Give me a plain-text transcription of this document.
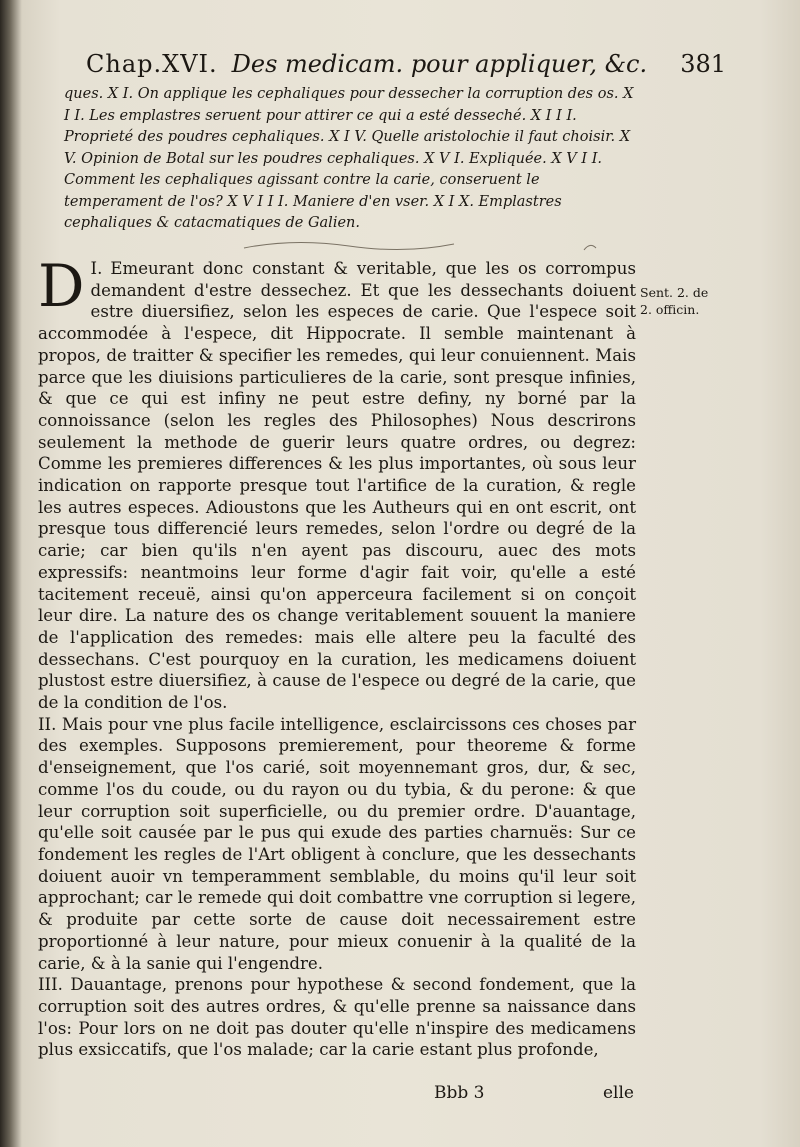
Chap.XVI. Des medicam. pour appliquer, &c. 381

ques. X I. On applique les cephaliques pour dessecher la corruption des os. X I I. Les emplastres seruent pour attirer ce qui a esté desseché. X I I I. Proprieté des poudres cephaliques. X I V. Quelle aristolochie il faut choisir. X V. Opinion de Botal sur les poudres cephaliques. X V I. Expliquée. X V I I. Comment les cephaliques agissant contre la carie, conseruent le temperament de l'os? X V I I I. Maniere d'en vser. X I X. Emplastres cephaliques & catacmatiques de Galien.

I.
D Emeurant donc constant & veritable, que les os corrompus demandent d'estre dessechez. Et que les dessechants doiuent estre diuersifiez, selon les especes de carie. Que l'espece soit accommodée à l'espece, dit Hippocrate. Il semble maintenant à propos, de traitter & specifier les remedes, qui leur conuiennent. Mais parce que les diuisions particulieres de la carie, sont presque infinies, & que ce qui est infiny ne peut estre definy, ny borné par la connoissance (selon les regles des Philosophes) Nous descrirons seulement la methode de guerir leurs quatre ordres, ou degrez: Comme les premieres differences & les plus importantes, où sous leur indication on rapporte presque tout l'artifice de la curation, & regle les autres especes. Adioustons que les Autheurs qui en ont escrit, ont presque tous differencié leurs remedes, selon l'ordre ou degré de la carie; car bien qu'ils n'en ayent pas discouru, auec des mots expressifs: neantmoins leur forme d'agir fait voir, qu'elle a esté tacitement receuë, ainsi qu'on apperceura facilement si on conçoit leur dire. La nature des os change veritablement souuent la maniere de l'application des remedes: mais elle altere peu la faculté des dessechans. C'est pourquoy en la curation, les medicamens doiuent plustost estre diuersifiez, à cause de l'espece ou degré de la carie, que de la condition de l'os.

II. Mais pour vne plus facile intelligence, esclaircissons ces choses par des exemples. Supposons premierement, pour theoreme & forme d'enseignement, que l'os carié, soit moyennemant gros, dur, & sec, comme l'os du coude, ou du rayon ou du tybia, & du perone: & que leur corruption soit superficielle, ou du premier ordre. D'auantage, qu'elle soit causée par le pus qui exude des parties charnuës: Sur ce fondement les regles de l'Art obligent à conclure, que les dessechants doiuent auoir vn temperamment semblable, du moins qu'il leur soit approchant; car le remede qui doit combattre vne corruption si legere, & produite par cette sorte de cause doit necessairement estre proportionné à leur nature, pour mieux conuenir à la qualité de la carie, & à la sanie qui l'engendre.

III. Dauantage, prenons pour hypothese & second fondement, que la corruption soit des autres ordres, & qu'elle prenne sa naissance dans l'os: Pour lors on ne doit pas douter qu'elle n'inspire des medicamens plus exsiccatifs, que l'os malade; car la carie estant plus profonde,

Sent. 2. de
2. officin.
Bbb 3	elle
